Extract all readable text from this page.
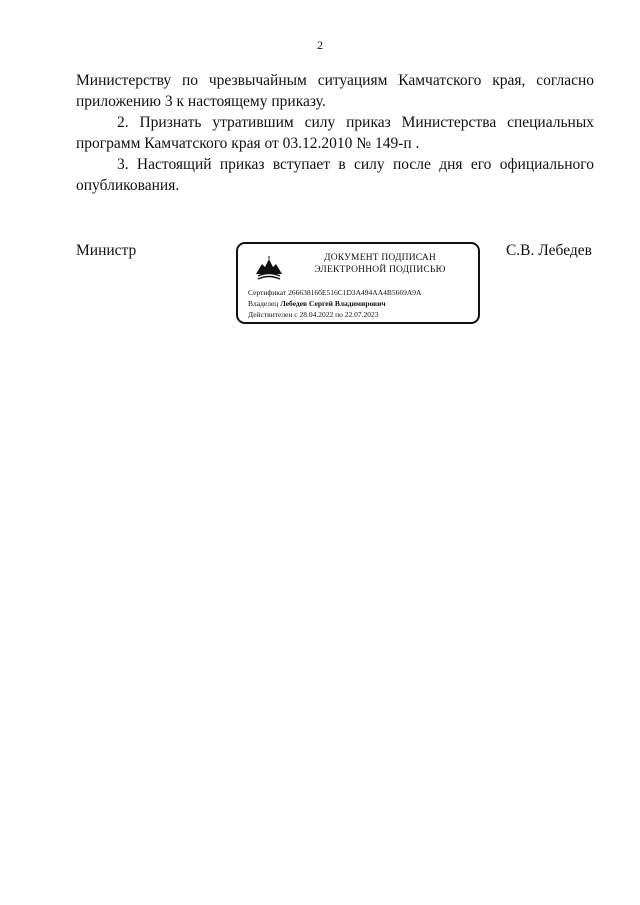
2

Министерству по чрезвычайным ситуациям Камчатского края, согласно приложению 3 к настоящему приказу.

2. Признать утратившим силу приказ Министерства специальных программ Камчатского края от 03.12.2010 № 149-п .

3. Настоящий приказ вступает в силу после дня его официального опубликования.

Министр	С.В. Лебедев
ДОКУМЕНТ ПОДПИСАН
ЭЛЕКТРОННОЙ ПОДПИСЬЮ
Сертификат 26663816бЕ516С1D3А494АА4В5669А9А
Владелец Лебедев Сергей Владимирович
Действителен с 28.04.2022 по 22.07.2023
